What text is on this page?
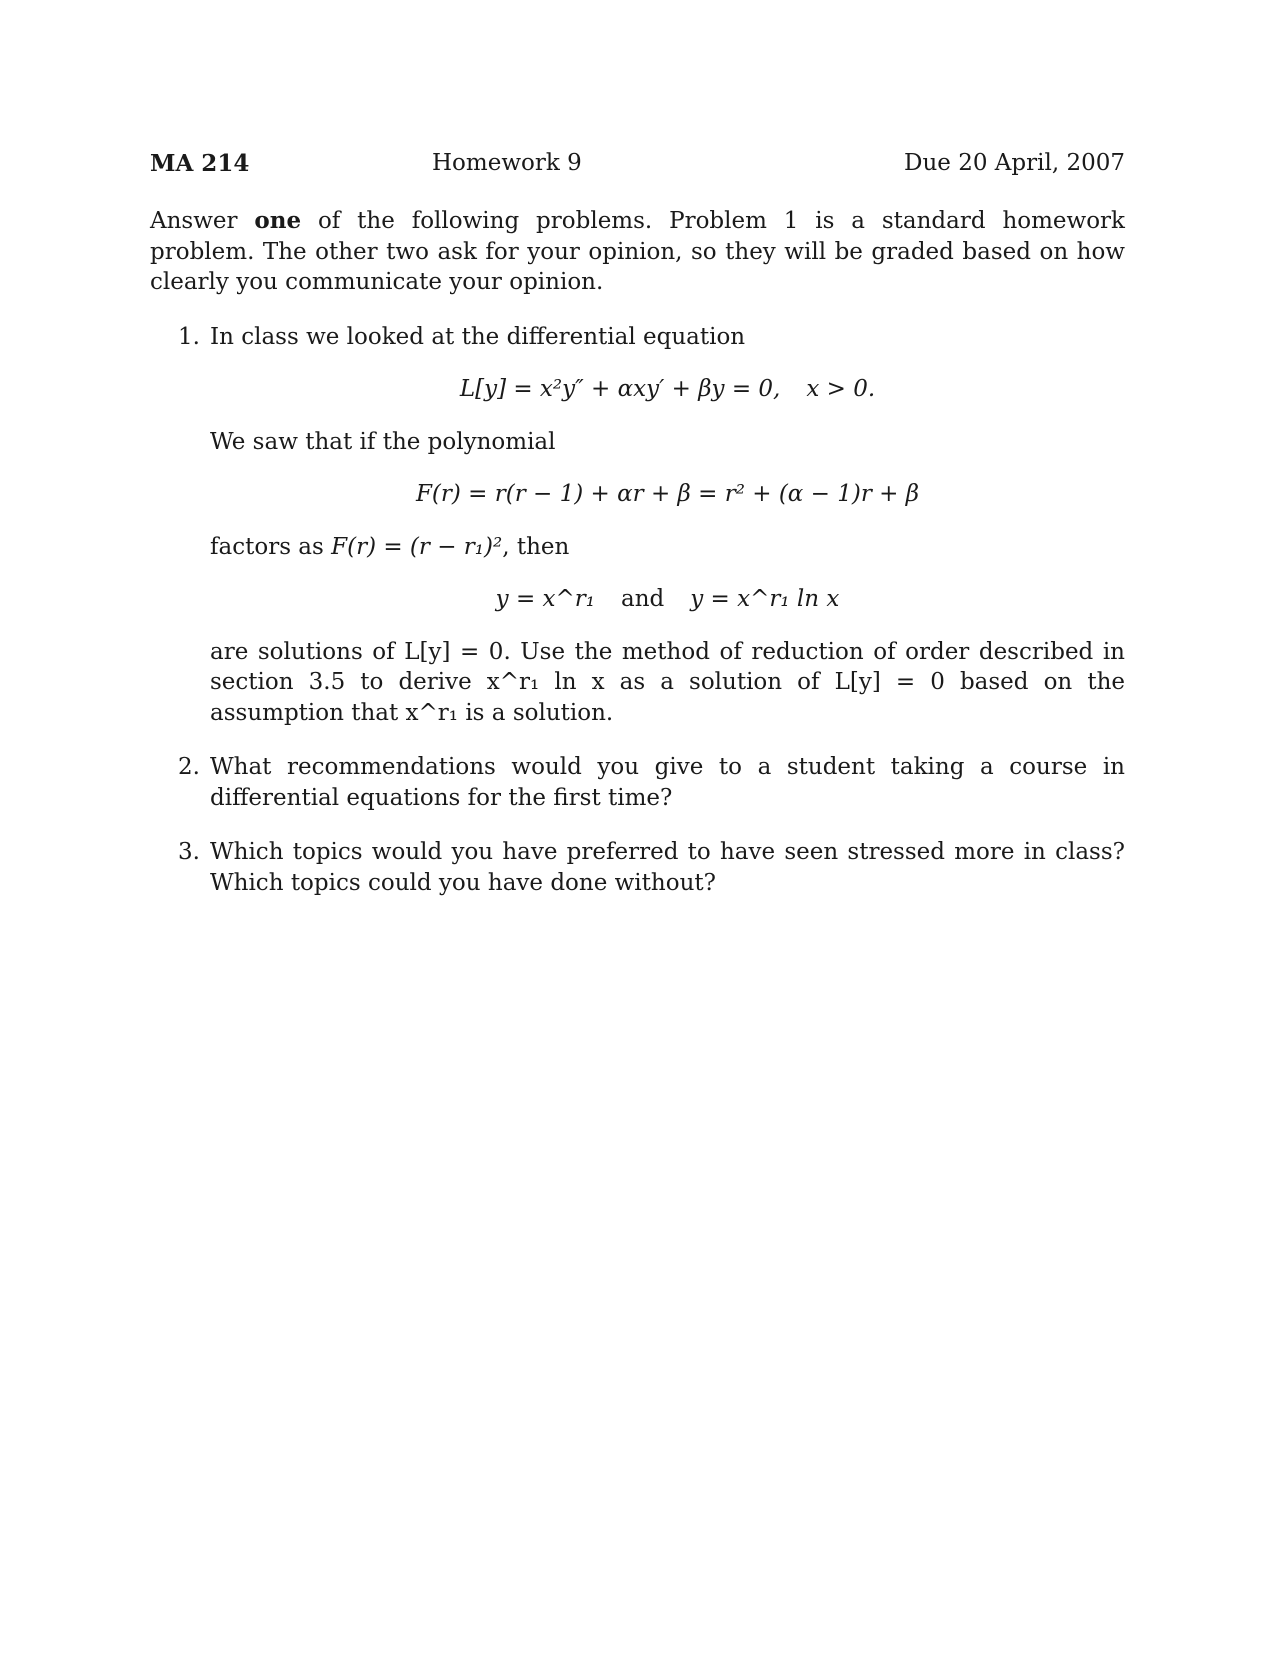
MA 214	Homework 9	Due 20 April, 2007

Answer one of the following problems. Problem 1 is a standard homework problem. The other two ask for your opinion, so they will be graded based on how clearly you communicate your opinion.

1. In class we looked at the differential equation

L[y] = x²y″ + αxy′ + βy = 0, x > 0.

We saw that if the polynomial

F(r) = r(r − 1) + αr + β = r² + (α − 1)r + β

factors as F(r) = (r − r₁)², then

y = x^r₁ and y = x^r₁ ln x

are solutions of L[y] = 0. Use the method of reduction of order described in section 3.5 to derive x^r₁ ln x as a solution of L[y] = 0 based on the assumption that x^r₁ is a solution.

2. What recommendations would you give to a student taking a course in differential equations for the first time?

3. Which topics would you have preferred to have seen stressed more in class? Which topics could you have done without?
